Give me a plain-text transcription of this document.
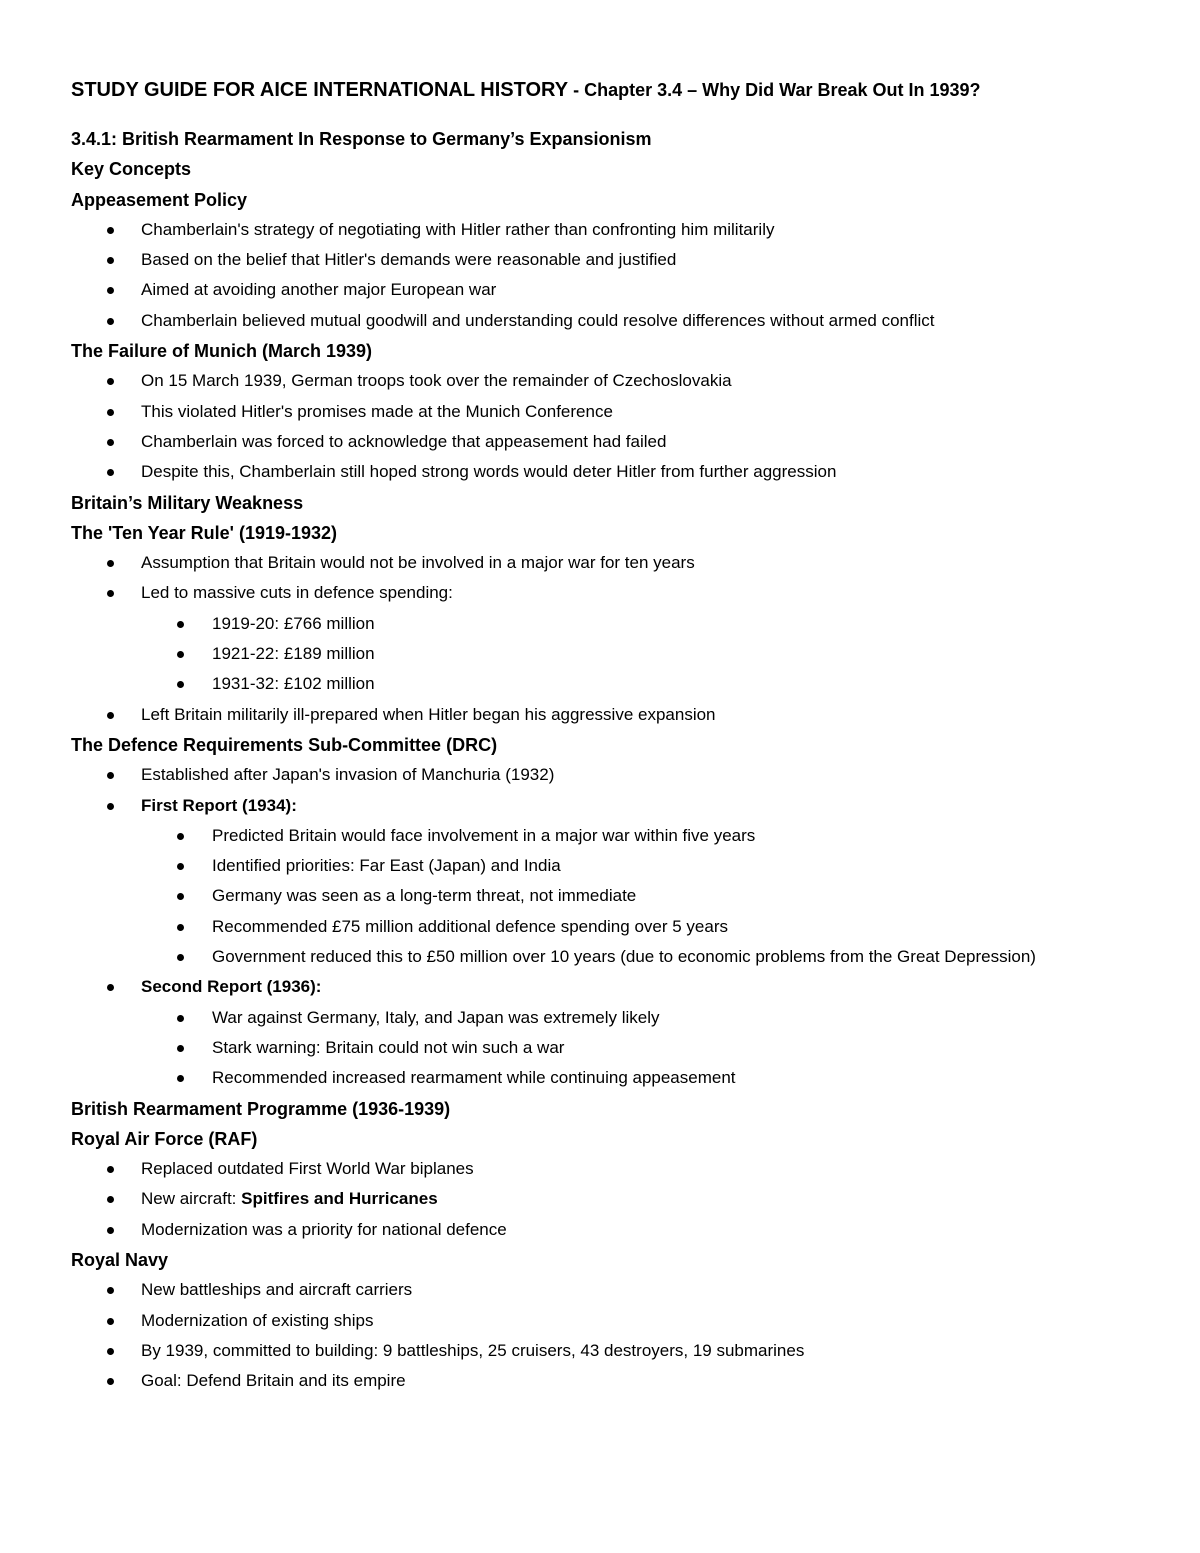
STUDY GUIDE FOR AICE INTERNATIONAL HISTORY - Chapter 3.4 – Why Did War Break Out In 1939?

3.4.1: British Rearmament In Response to Germany’s Expansionism

Key Concepts

Appeasement Policy

Chamberlain's strategy of negotiating with Hitler rather than confronting him militarily
Based on the belief that Hitler's demands were reasonable and justified
Aimed at avoiding another major European war
Chamberlain believed mutual goodwill and understanding could resolve differences without armed conflict

The Failure of Munich (March 1939)

On 15 March 1939, German troops took over the remainder of Czechoslovakia
This violated Hitler's promises made at the Munich Conference
Chamberlain was forced to acknowledge that appeasement had failed
Despite this, Chamberlain still hoped strong words would deter Hitler from further aggression

Britain’s Military Weakness

The 'Ten Year Rule' (1919-1932)

Assumption that Britain would not be involved in a major war for ten years
Led to massive cuts in defence spending:
1919-20: £766 million
1921-22: £189 million
1931-32: £102 million
Left Britain militarily ill-prepared when Hitler began his aggressive expansion

The Defence Requirements Sub-Committee (DRC)

Established after Japan's invasion of Manchuria (1932)
First Report (1934):
Predicted Britain would face involvement in a major war within five years
Identified priorities: Far East (Japan) and India
Germany was seen as a long-term threat, not immediate
Recommended £75 million additional defence spending over 5 years
Government reduced this to £50 million over 10 years (due to economic problems from the Great Depression)
Second Report (1936):
War against Germany, Italy, and Japan was extremely likely
Stark warning: Britain could not win such a war
Recommended increased rearmament while continuing appeasement

British Rearmament Programme (1936-1939)

Royal Air Force (RAF)

Replaced outdated First World War biplanes
New aircraft: Spitfires and Hurricanes
Modernization was a priority for national defence

Royal Navy

New battleships and aircraft carriers
Modernization of existing ships
By 1939, committed to building: 9 battleships, 25 cruisers, 43 destroyers, 19 submarines
Goal: Defend Britain and its empire
